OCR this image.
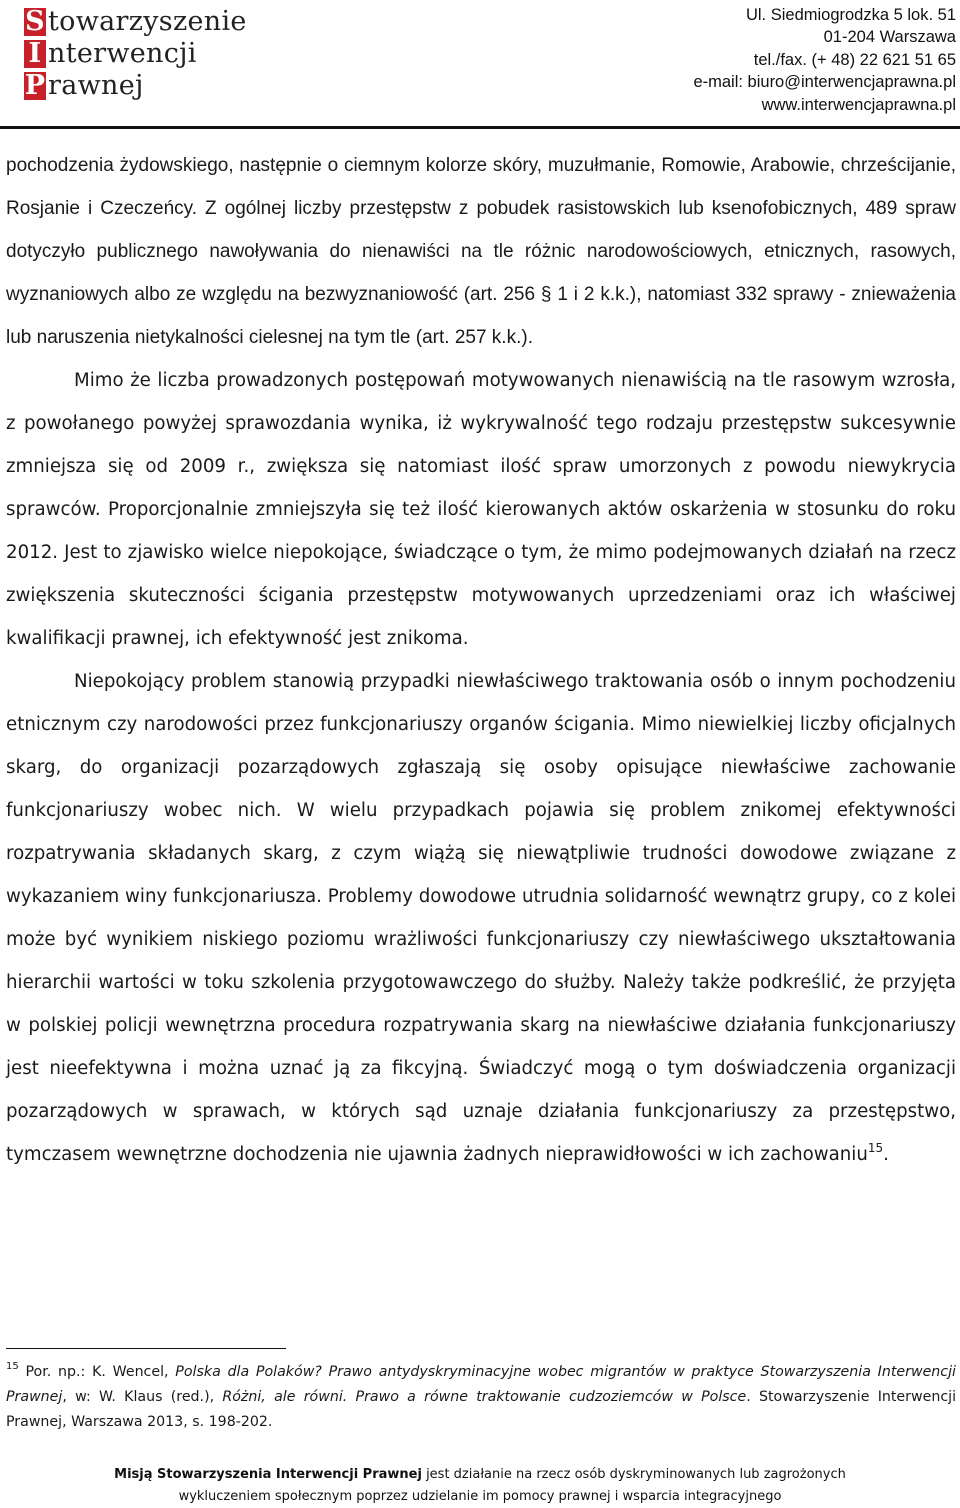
S towarzyszenie
I nterwencji
P rawnej
Ul. Siedmiogrodzka 5 lok. 51
01-204 Warszawa
tel./fax. (+ 48) 22 621 51 65
e-mail: biuro@interwencjaprawna.pl
www.interwencjaprawna.pl

pochodzenia żydowskiego, następnie o ciemnym kolorze skóry, muzułmanie, Romowie, Arabowie, chrześcijanie, Rosjanie i Czeczeńcy. Z ogólnej liczby przestępstw z pobudek rasistowskich lub ksenofobicznych, 489 spraw dotyczyło publicznego nawoływania do nienawiści na tle różnic narodowościowych, etnicznych, rasowych, wyznaniowych albo ze względu na bezwyznaniowość (art. 256 § 1 i 2 k.k.), natomiast 332 sprawy - znieważenia lub naruszenia nietykalności cielesnej na tym tle (art. 257 k.k.).

Mimo że liczba prowadzonych postępowań motywowanych nienawiścią na tle rasowym wzrosła, z powołanego powyżej sprawozdania wynika, iż wykrywalność tego rodzaju przestępstw sukcesywnie zmniejsza się od 2009 r., zwiększa się natomiast ilość spraw umorzonych z powodu niewykrycia sprawców. Proporcjonalnie zmniejszyła się też ilość kierowanych aktów oskarżenia w stosunku do roku 2012. Jest to zjawisko wielce niepokojące, świadczące o tym, że mimo podejmowanych działań na rzecz zwiększenia skuteczności ścigania przestępstw motywowanych uprzedzeniami oraz ich właściwej kwalifikacji prawnej, ich efektywność jest znikoma.

Niepokojący problem stanowią przypadki niewłaściwego traktowania osób o innym pochodzeniu etnicznym czy narodowości przez funkcjonariuszy organów ścigania. Mimo niewielkiej liczby oficjalnych skarg, do organizacji pozarządowych zgłaszają się osoby opisujące niewłaściwe zachowanie funkcjonariuszy wobec nich. W wielu przypadkach pojawia się problem znikomej efektywności rozpatrywania składanych skarg, z czym wiążą się niewątpliwie trudności dowodowe związane z wykazaniem winy funkcjonariusza. Problemy dowodowe utrudnia solidarność wewnątrz grupy, co z kolei może być wynikiem niskiego poziomu wrażliwości funkcjonariuszy czy niewłaściwego ukształtowania hierarchii wartości w toku szkolenia przygotowawczego do służby. Należy także podkreślić, że przyjęta w polskiej policji wewnętrzna procedura rozpatrywania skarg na niewłaściwe działania funkcjonariuszy jest nieefektywna i można uznać ją za fikcyjną. Świadczyć mogą o tym doświadczenia organizacji pozarządowych w sprawach, w których sąd uznaje działania funkcjonariuszy za przestępstwo, tymczasem wewnętrzne dochodzenia nie ujawnia żadnych nieprawidłowości w ich zachowaniu$^{15}$.

$^{15}$ Por. np.: K. Wencel, Polska dla Polaków? Prawo antydyskryminacyjne wobec migrantów w praktyce Stowarzyszenia Interwencji Prawnej, w: W. Klaus (red.), Różni, ale równi. Prawo a równe traktowanie cudzoziemców w Polsce. Stowarzyszenie Interwencji Prawnej, Warszawa 2013, s. 198-202.
Misją Stowarzyszenia Interwencji Prawnej jest działanie na rzecz osób dyskryminowanych lub zagrożonych
wykluczeniem społecznym poprzez udzielanie im pomocy prawnej i wsparcia integracyjnego
